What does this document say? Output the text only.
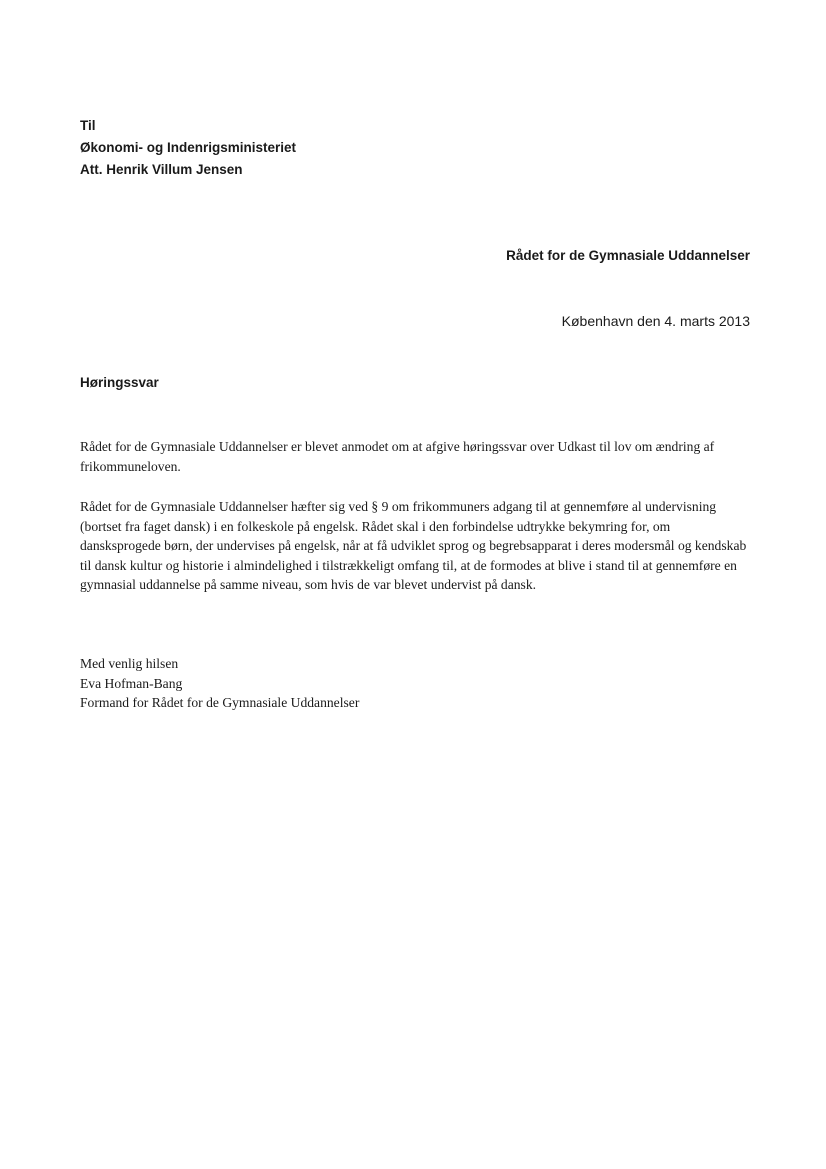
Til
Økonomi- og Indenrigsministeriet
Att. Henrik Villum Jensen
Rådet for de Gymnasiale Uddannelser
København den 4. marts 2013
Høringssvar
Rådet for de Gymnasiale Uddannelser er blevet anmodet om at afgive høringssvar over Udkast til lov om ændring af frikommuneloven.
Rådet for de Gymnasiale Uddannelser hæfter sig ved § 9 om frikommuners adgang til at gennemføre al undervisning (bortset fra faget dansk) i en folkeskole på engelsk. Rådet skal i den forbindelse udtrykke bekymring for, om dansksprogede børn, der undervises på engelsk, når at få udviklet sprog og begrebsapparat i deres modersmål og kendskab til dansk kultur og historie i almindelighed i tilstrækkeligt omfang til, at de formodes at blive i stand til at gennemføre en gymnasial uddannelse på samme niveau, som hvis de var blevet undervist på dansk.
Med venlig hilsen
Eva Hofman-Bang
Formand for Rådet for de Gymnasiale Uddannelser
